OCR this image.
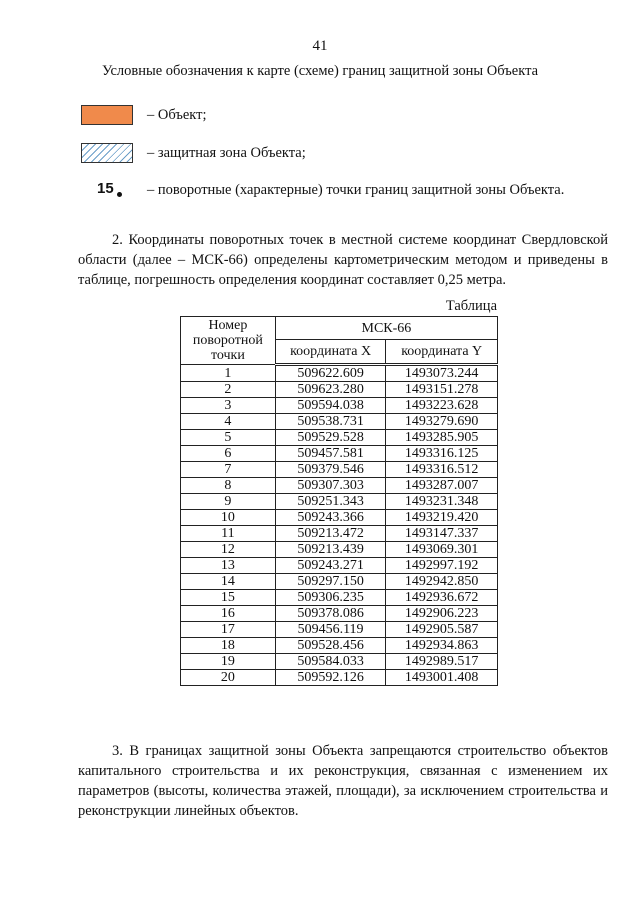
41
Условные обозначения к карте (схеме) границ защитной зоны Объекта
– Объект;
– защитная зона Объекта;
15 – поворотные (характерные) точки границ защитной зоны Объекта.
2. Координаты поворотных точек в местной системе координат Свердловской области (далее – МСК-66) определены картометрическим методом и приведены в таблице, погрешность определения координат составляет 0,25 метра.
Таблица
Номер поворотной точки	МСК-66	
	координата X	координата Y
1	509622.609	1493073.244
2	509623.280	1493151.278
3	509594.038	1493223.628
4	509538.731	1493279.690
5	509529.528	1493285.905
6	509457.581	1493316.125
7	509379.546	1493316.512
8	509307.303	1493287.007
9	509251.343	1493231.348
10	509243.366	1493219.420
11	509213.472	1493147.337
12	509213.439	1493069.301
13	509243.271	1492997.192
14	509297.150	1492942.850
15	509306.235	1492936.672
16	509378.086	1492906.223
17	509456.119	1492905.587
18	509528.456	1492934.863
19	509584.033	1492989.517
20	509592.126	1493001.408
3. В границах защитной зоны Объекта запрещаются строительство объектов капитального строительства и их реконструкция, связанная с изменением их параметров (высоты, количества этажей, площади), за исключением строительства и реконструкции линейных объектов.
